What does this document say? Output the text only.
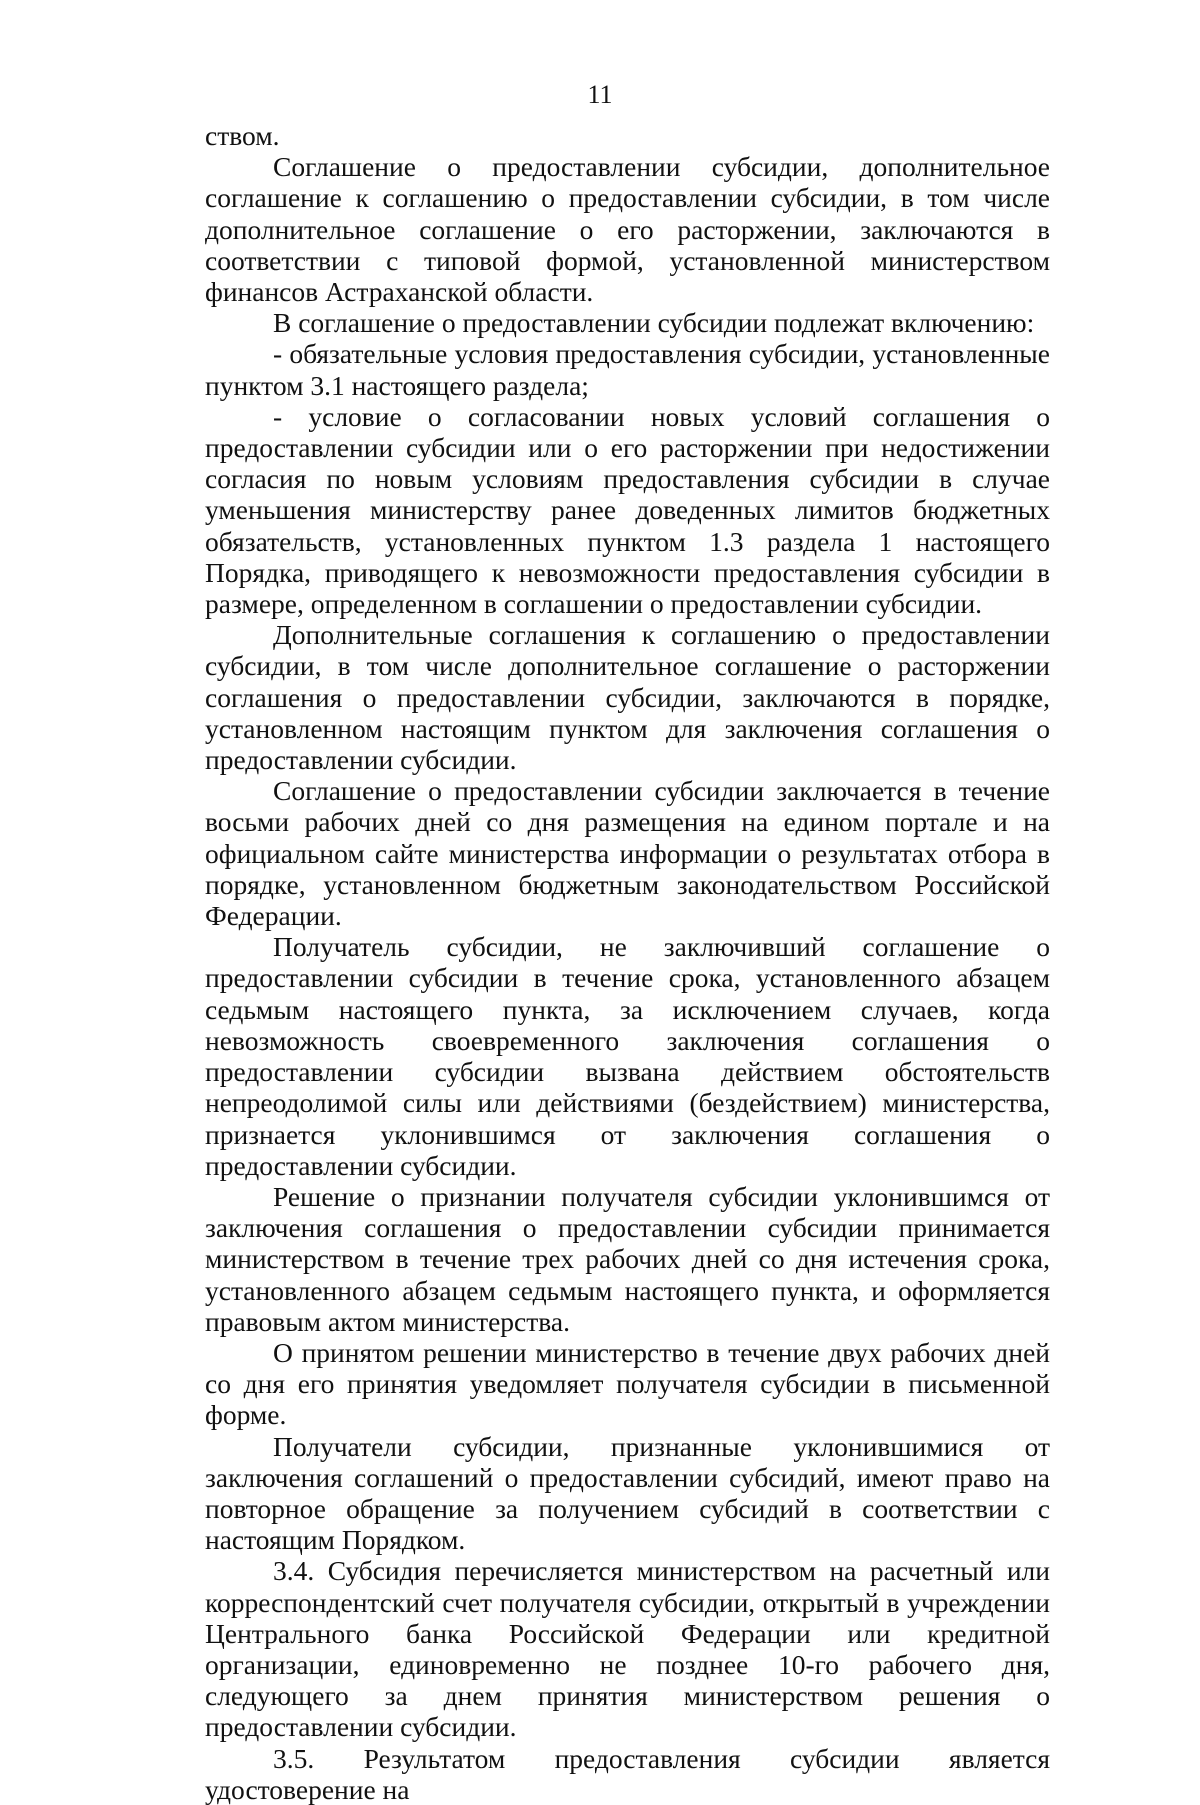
11

ством.

Соглашение о предоставлении субсидии, дополнительное соглашение к соглашению о предоставлении субсидии, в том числе дополнительное соглашение о его расторжении, заключаются в соответствии с типовой формой, установленной министерством финансов Астраханской области.

В соглашение о предоставлении субсидии подлежат включению:

- обязательные условия предоставления субсидии, установленные пунктом 3.1 настоящего раздела;

- условие о согласовании новых условий соглашения о предоставлении субсидии или о его расторжении при недостижении согласия по новым условиям предоставления субсидии в случае уменьшения министерству ранее доведенных лимитов бюджетных обязательств, установленных пунктом 1.3 раздела 1 настоящего Порядка, приводящего к невозможности предоставления субсидии в размере, определенном в соглашении о предоставлении субсидии.

Дополнительные соглашения к соглашению о предоставлении субсидии, в том числе дополнительное соглашение о расторжении соглашения о предоставлении субсидии, заключаются в порядке, установленном настоящим пунктом для заключения соглашения о предоставлении субсидии.

Соглашение о предоставлении субсидии заключается в течение восьми рабочих дней со дня размещения на едином портале и на официальном сайте министерства информации о результатах отбора в порядке, установленном бюджетным законодательством Российской Федерации.

Получатель субсидии, не заключивший соглашение о предоставлении субсидии в течение срока, установленного абзацем седьмым настоящего пункта, за исключением случаев, когда невозможность своевременного заключения соглашения о предоставлении субсидии вызвана действием обстоятельств непреодолимой силы или действиями (бездействием) министерства, признается уклонившимся от заключения соглашения о предоставлении субсидии.

Решение о признании получателя субсидии уклонившимся от заключения соглашения о предоставлении субсидии принимается министерством в течение трех рабочих дней со дня истечения срока, установленного абзацем седьмым настоящего пункта, и оформляется правовым актом министерства.

О принятом решении министерство в течение двух рабочих дней со дня его принятия уведомляет получателя субсидии в письменной форме.

Получатели субсидии, признанные уклонившимися от заключения соглашений о предоставлении субсидий, имеют право на повторное обращение за получением субсидий в соответствии с настоящим Порядком.

3.4. Субсидия перечисляется министерством на расчетный или корреспондентский счет получателя субсидии, открытый в учреждении Центрального банка Российской Федерации или кредитной организации, единовременно не позднее 10-го рабочего дня, следующего за днем принятия министерством решения о предоставлении субсидии.

3.5. Результатом предоставления субсидии является удостоверение на
